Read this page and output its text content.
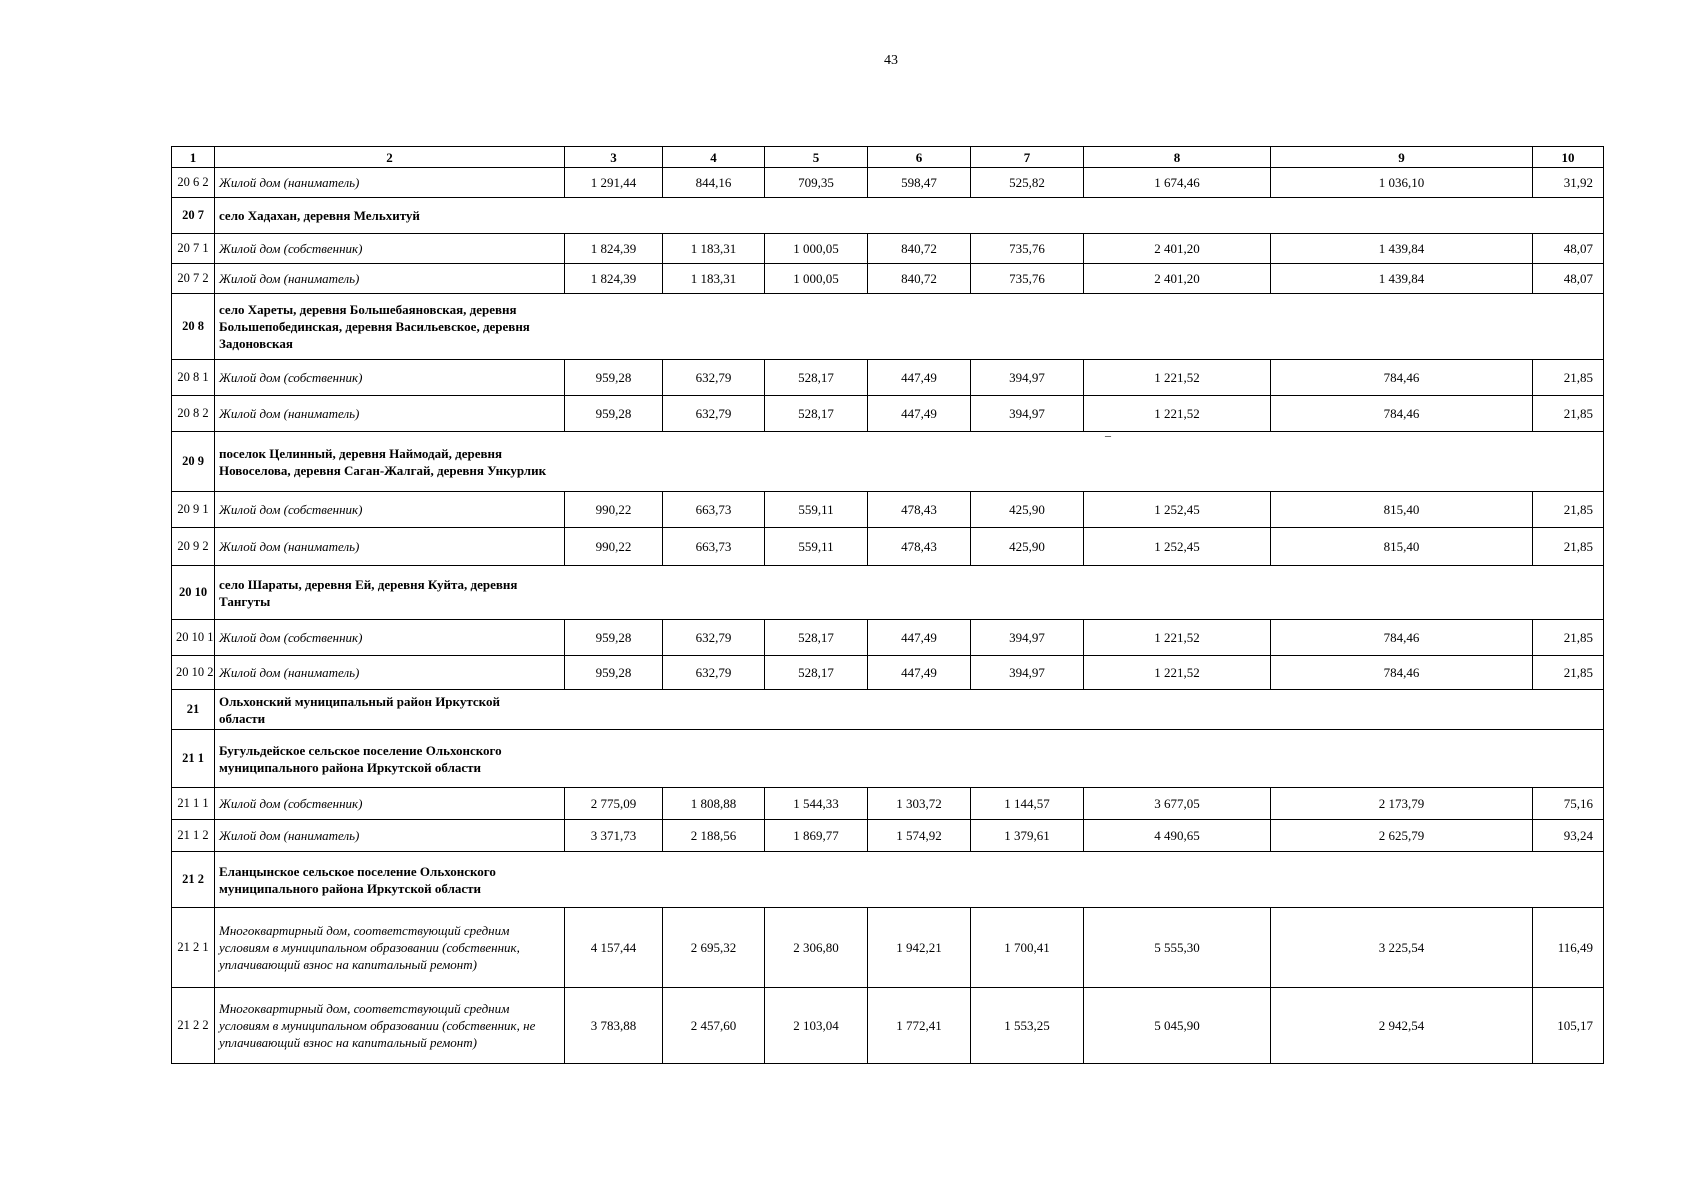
43
1	2	3	4	5	6	7	8	9	10
20 6 2	Жилой дом (наниматель)	1 291,44	844,16	709,35	598,47	525,82	1 674,46	1 036,10	31,92
20 7	село Хадахан, деревня Мельхитуй								

20 7 1	Жилой дом (собственник)	1 824,39	1 183,31	1 000,05	840,72	735,76	2 401,20	1 439,84	48,07
20 7 2	Жилой дом (наниматель)	1 824,39	1 183,31	1 000,05	840,72	735,76	2 401,20	1 439,84	48,07
20 8	село Хареты, деревня Большебаяновская, деревня Большепобединская, деревня Васильевское, деревня Задоновская								

20 8 1	Жилой дом (собственник)	959,28	632,79	528,17	447,49	394,97	1 221,52	784,46	21,85
20 8 2	Жилой дом (наниматель)	959,28	632,79	528,17	447,49	394,97	1 221,52	784,46	21,85
20 9	поселок Целинный, деревня Наймодай, деревня Новоселова, деревня Саган-Жалгай, деревня Ункурлик								

20 9 1	Жилой дом (собственник)	990,22	663,73	559,11	478,43	425,90	1 252,45	815,40	21,85
20 9 2	Жилой дом (наниматель)	990,22	663,73	559,11	478,43	425,90	1 252,45	815,40	21,85
20 10	село Шараты, деревня Ей, деревня Куйта, деревня Тангуты								

20 10 1	Жилой дом (собственник)	959,28	632,79	528,17	447,49	394,97	1 221,52	784,46	21,85
20 10 2	Жилой дом (наниматель)	959,28	632,79	528,17	447,49	394,97	1 221,52	784,46	21,85
21	Ольхонский муниципальный район Иркутской области								

21 1	Бугульдейское сельское поселение Ольхонского муниципального района Иркутской области								

21 1 1	Жилой дом (собственник)	2 775,09	1 808,88	1 544,33	1 303,72	1 144,57	3 677,05	2 173,79	75,16
21 1 2	Жилой дом (наниматель)	3 371,73	2 188,56	1 869,77	1 574,92	1 379,61	4 490,65	2 625,79	93,24
21 2	Еланцынское сельское поселение Ольхонского муниципального района Иркутской области								

21 2 1	Многоквартирный дом, соответствующий средним условиям в муниципальном образовании (собственник, уплачивающий взнос на капитальный ремонт)	4 157,44	2 695,32	2 306,80	1 942,21	1 700,41	5 555,30	3 225,54	116,49
21 2 2	Многоквартирный дом, соответствующий средним условиям в муниципальном образовании (собственник, не уплачивающий взнос на капитальный ремонт)	3 783,88	2 457,60	2 103,04	1 772,41	1 553,25	5 045,90	2 942,54	105,17
–
